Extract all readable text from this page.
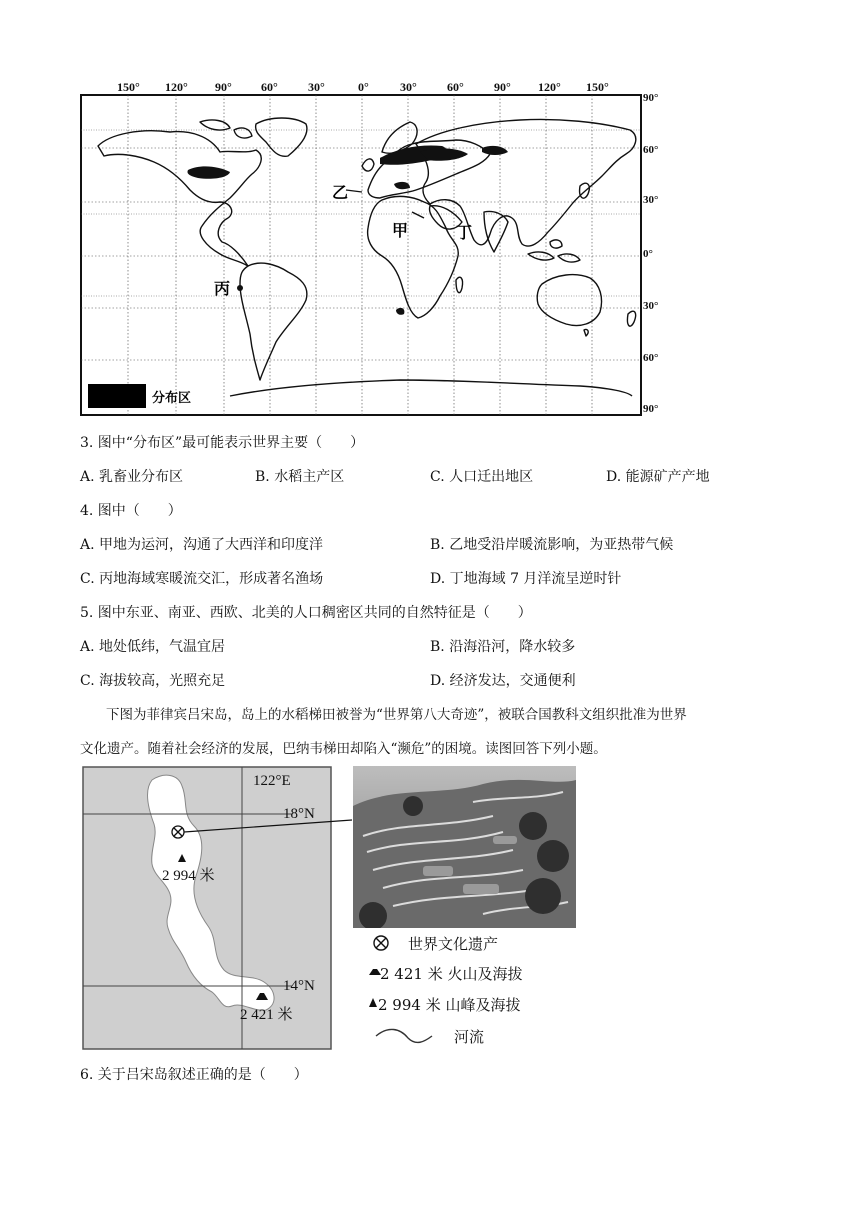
150° 120° 90° 60°	30°	0°	30°	60°	90° 120° 150°
90°
60°
30°
0°
30°
60°
90°
乙
甲	丁
丙
分布区
3. 图中“分布区”最可能表示世界主要（　　）
A. 乳畜业分布区	B. 水稻主产区	C. 人口迁出地区	D. 能源矿产产地
4. 图中（　　）
A. 甲地为运河，沟通了大西洋和印度洋	B. 乙地受沿岸暖流影响，为亚热带气候
C. 丙地海域寒暖流交汇，形成著名渔场	D. 丁地海域 7 月洋流呈逆时针
5. 图中东亚、南亚、西欧、北美的人口稠密区共同的自然特征是（　　）
A. 地处低纬，气温宜居	B. 沿海沿河，降水较多
C. 海拔较高，光照充足	D. 经济发达，交通便利
下图为菲律宾吕宋岛，岛上的水稻梯田被誉为“世界第八大奇迹”，被联合国教科文组织批准为世界
文化遗产。随着社会经济的发展，巴纳韦梯田却陷入“濒危”的困境。读图回答下列小题。
122°E
18°N
14°N
2 994 米
2 421 米
世界文化遗产
2 421 米 火山及海拔
2 994 米 山峰及海拔
河流
6. 关于吕宋岛叙述正确的是（　　）
